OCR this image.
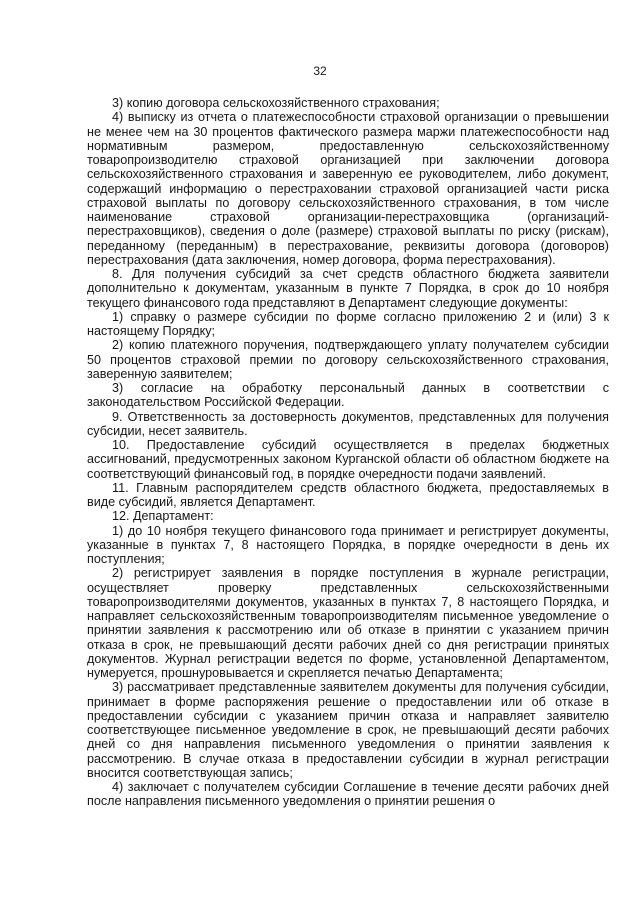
32

3) копию договора сельскохозяйственного страхования;

4) выписку из отчета о платежеспособности страховой организации о превышении не менее чем на 30 процентов фактического размера маржи платежеспособности над нормативным размером, предоставленную сельскохозяйственному товаропроизводителю страховой организацией при заключении договора сельскохозяйственного страхования и заверенную ее руководителем, либо документ, содержащий информацию о перестраховании страховой организацией части риска страховой выплаты по договору сельскохозяйственного страхования, в том числе наименование страховой организации-перестраховщика (организаций-перестраховщиков), сведения о доле (размере) страховой выплаты по риску (рискам), переданному (переданным) в перестрахование, реквизиты договора (договоров) перестрахования (дата заключения, номер договора, форма перестрахования).

8. Для получения субсидий за счет средств областного бюджета заявители дополнительно к документам, указанным в пункте 7 Порядка, в срок до 10 ноября текущего финансового года представляют в Департамент следующие документы:

1) справку о размере субсидии по форме согласно приложению 2 и (или) 3 к настоящему Порядку;

2) копию платежного поручения, подтверждающего уплату получателем субсидии 50 процентов страховой премии по договору сельскохозяйственного страхования, заверенную заявителем;

3) согласие на обработку персональный данных в соответствии с законодательством Российской Федерации.

9. Ответственность за достоверность документов, представленных для получения субсидии, несет заявитель.

10. Предоставление субсидий осуществляется в пределах бюджетных ассигнований, предусмотренных законом Курганской области об областном бюджете на соответствующий финансовый год, в порядке очередности подачи заявлений.

11. Главным распорядителем средств областного бюджета, предоставляемых в виде субсидий, является Департамент.

12. Департамент:

1) до 10 ноября текущего финансового года принимает и регистрирует документы, указанные в пунктах 7, 8 настоящего Порядка, в порядке очередности в день их поступления;

2) регистрирует заявления в порядке поступления в журнале регистрации, осуществляет проверку представленных сельскохозяйственными товаропроизводителями документов, указанных в пунктах 7, 8 настоящего Порядка, и направляет сельскохозяйственным товаропроизводителям письменное уведомление о принятии заявления к рассмотрению или об отказе в принятии с указанием причин отказа в срок, не превышающий десяти рабочих дней со дня регистрации принятых документов. Журнал регистрации ведется по форме, установленной Департаментом, нумеруется, прошнуровывается и скрепляется печатью Департамента;

3) рассматривает представленные заявителем документы для получения субсидии, принимает в форме распоряжения решение о предоставлении или об отказе в предоставлении субсидии с указанием причин отказа и направляет заявителю соответствующее письменное уведомление в срок, не превышающий десяти рабочих дней со дня направления письменного уведомления о принятии заявления к рассмотрению. В случае отказа в предоставлении субсидии в журнал регистрации вносится соответствующая запись;

4) заключает с получателем субсидии Соглашение в течение десяти рабочих дней после направления письменного уведомления о принятии решения о
